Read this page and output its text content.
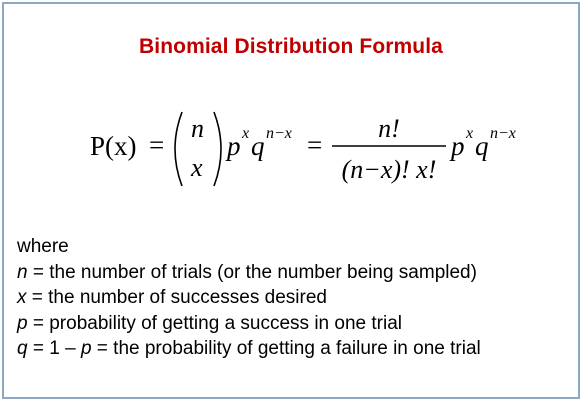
Binomial Distribution Formula
P(x) =
n
x
p x q n−x =
n!
(n−x)! x!
p x q n−x
where
n = the number of trials (or the number being sampled)
x = the number of successes desired
p = probability of getting a success in one trial
q = 1 – p = the probability of getting a failure in one trial
